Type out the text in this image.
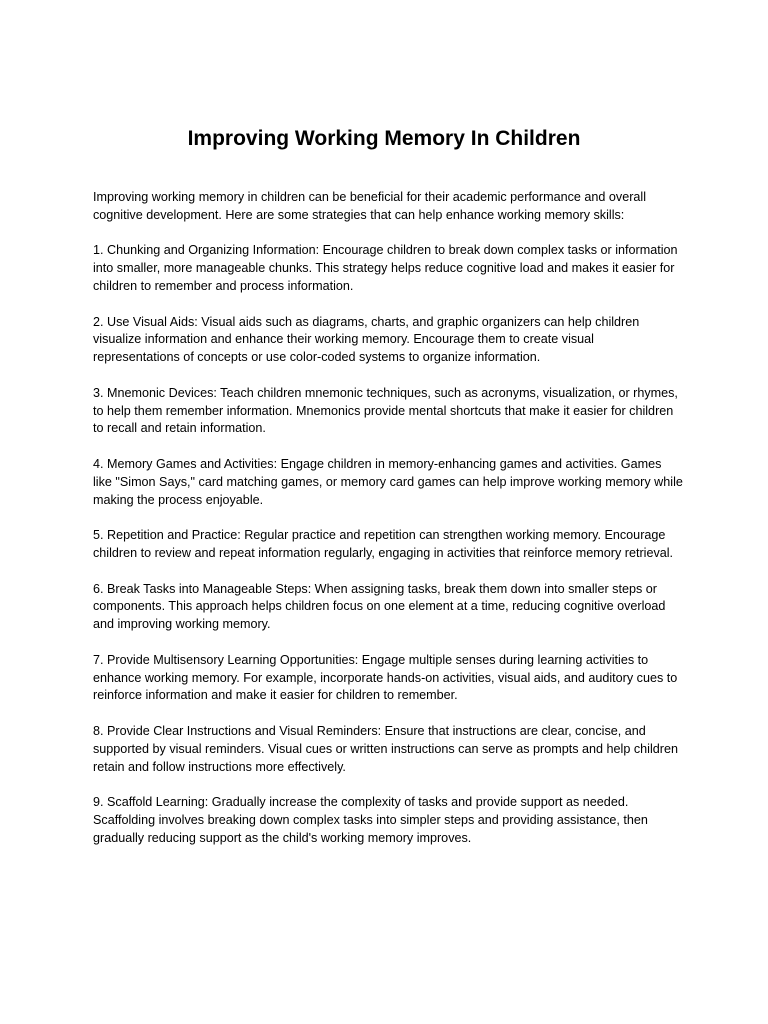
Improving Working Memory In Children

Improving working memory in children can be beneficial for their academic performance and overall cognitive development. Here are some strategies that can help enhance working memory skills:

1. Chunking and Organizing Information: Encourage children to break down complex tasks or information into smaller, more manageable chunks. This strategy helps reduce cognitive load and makes it easier for children to remember and process information.

2. Use Visual Aids: Visual aids such as diagrams, charts, and graphic organizers can help children visualize information and enhance their working memory. Encourage them to create visual representations of concepts or use color-coded systems to organize information.

3. Mnemonic Devices: Teach children mnemonic techniques, such as acronyms, visualization, or rhymes, to help them remember information. Mnemonics provide mental shortcuts that make it easier for children to recall and retain information.

4. Memory Games and Activities: Engage children in memory-enhancing games and activities. Games like "Simon Says," card matching games, or memory card games can help improve working memory while making the process enjoyable.

5. Repetition and Practice: Regular practice and repetition can strengthen working memory. Encourage children to review and repeat information regularly, engaging in activities that reinforce memory retrieval.

6. Break Tasks into Manageable Steps: When assigning tasks, break them down into smaller steps or components. This approach helps children focus on one element at a time, reducing cognitive overload and improving working memory.

7. Provide Multisensory Learning Opportunities: Engage multiple senses during learning activities to enhance working memory. For example, incorporate hands-on activities, visual aids, and auditory cues to reinforce information and make it easier for children to remember.

8. Provide Clear Instructions and Visual Reminders: Ensure that instructions are clear, concise, and supported by visual reminders. Visual cues or written instructions can serve as prompts and help children retain and follow instructions more effectively.

9. Scaffold Learning: Gradually increase the complexity of tasks and provide support as needed. Scaffolding involves breaking down complex tasks into simpler steps and providing assistance, then gradually reducing support as the child's working memory improves.
